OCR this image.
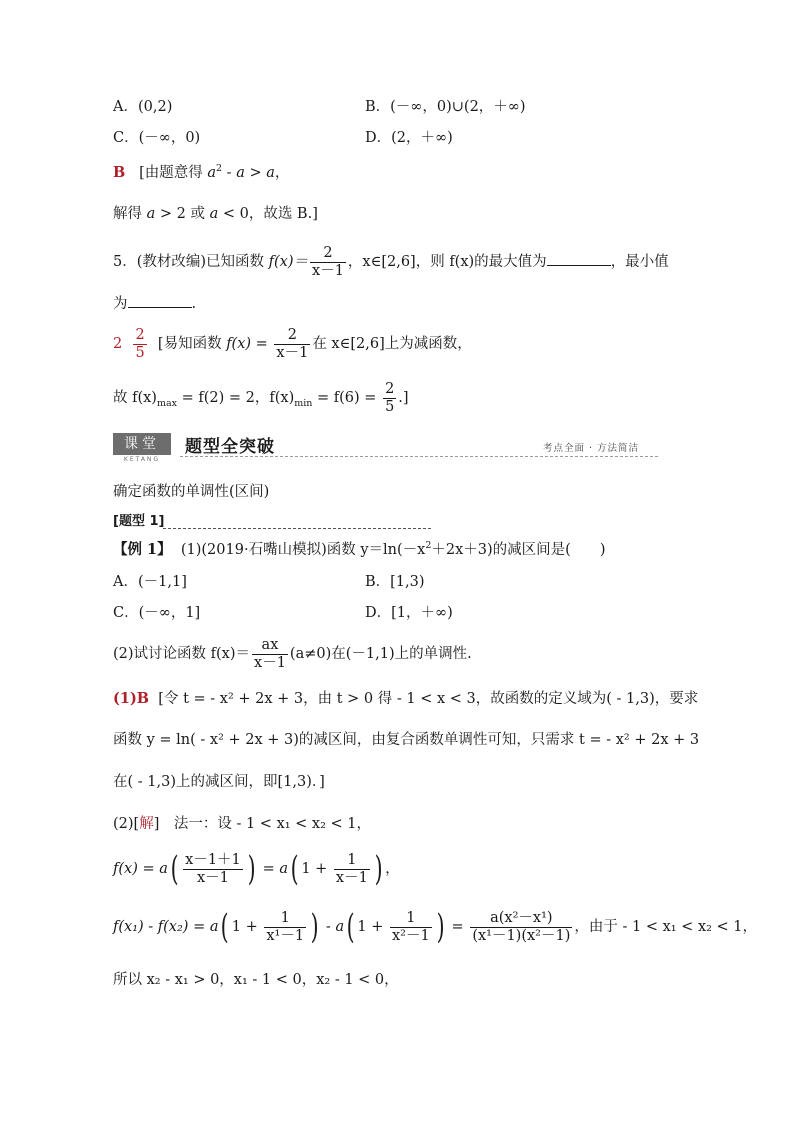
A．(0,2)	B．(－∞，0)∪(2，＋∞)
C．(－∞，0)	D．(2，＋∞)
B [由题意得 $a^2 - a > a$，
解得 a > 2 或 a < 0，故选 B.]
5．(教材改编)已知函数 $f(x)= \frac{2}{x-1}$ ，x∈[2,6]，则 f(x)的最大值为	，最小值
为	.
$2 \frac{2}{5}$ [易知函数 $f(x) = \frac{2}{x-1}$ 在 x∈[2,6]上为减函数，
故 $f(x)_{max} = f(2) = 2$，$f(x)_{min} = f(6) = \frac{2}{5}$ .]
课堂
KETANG
题型全突破	考点全面 · 方法简洁
确定函数的单调性(区间)
[题型 1]
【例 1】 (1)(2019·石嘴山模拟)函数 $y=\ln(-x^2+2x+3)$的减区间是(　　)
A．(－1,1]	B．[1,3)
C．(－∞，1]	D．[1，＋∞)
(2)试讨论函数 $f(x)= \frac{ax}{x-1} (a\ne 0)$在(－1,1)上的单调性.
(1)B [令 t = - x² + 2x + 3，由 t > 0 得 - 1 < x < 3，故函数的定义域为( - 1,3)，要求
函数 y = ln( - x² + 2x + 3)的减区间，由复合函数单调性可知，只需求 t = - x² + 2x + 3
在( - 1,3)上的减区间，即[1,3)．]
(2)[解]　法一：设 - 1 < x₁ < x₂ < 1，
$f(x) = a( \frac{x-1+1}{x-1}$ ) = a( $1 + \frac{1}{x-1}$ ) ，
f(x₁) - f(x₂) = a( $1 + \frac{1}{\text{x¹－1}}$ ) - a( $1 + \frac{1}{\text{x²－1}}$ ) = $\frac{\text{a(x²－x¹)}}{\text{(x¹－1)(x²－1)}}$ ，由于 - 1 < x₁ < x₂ < 1，
所以 x₂ - x₁ > 0，x₁ - 1 < 0，x₂ - 1 < 0，
